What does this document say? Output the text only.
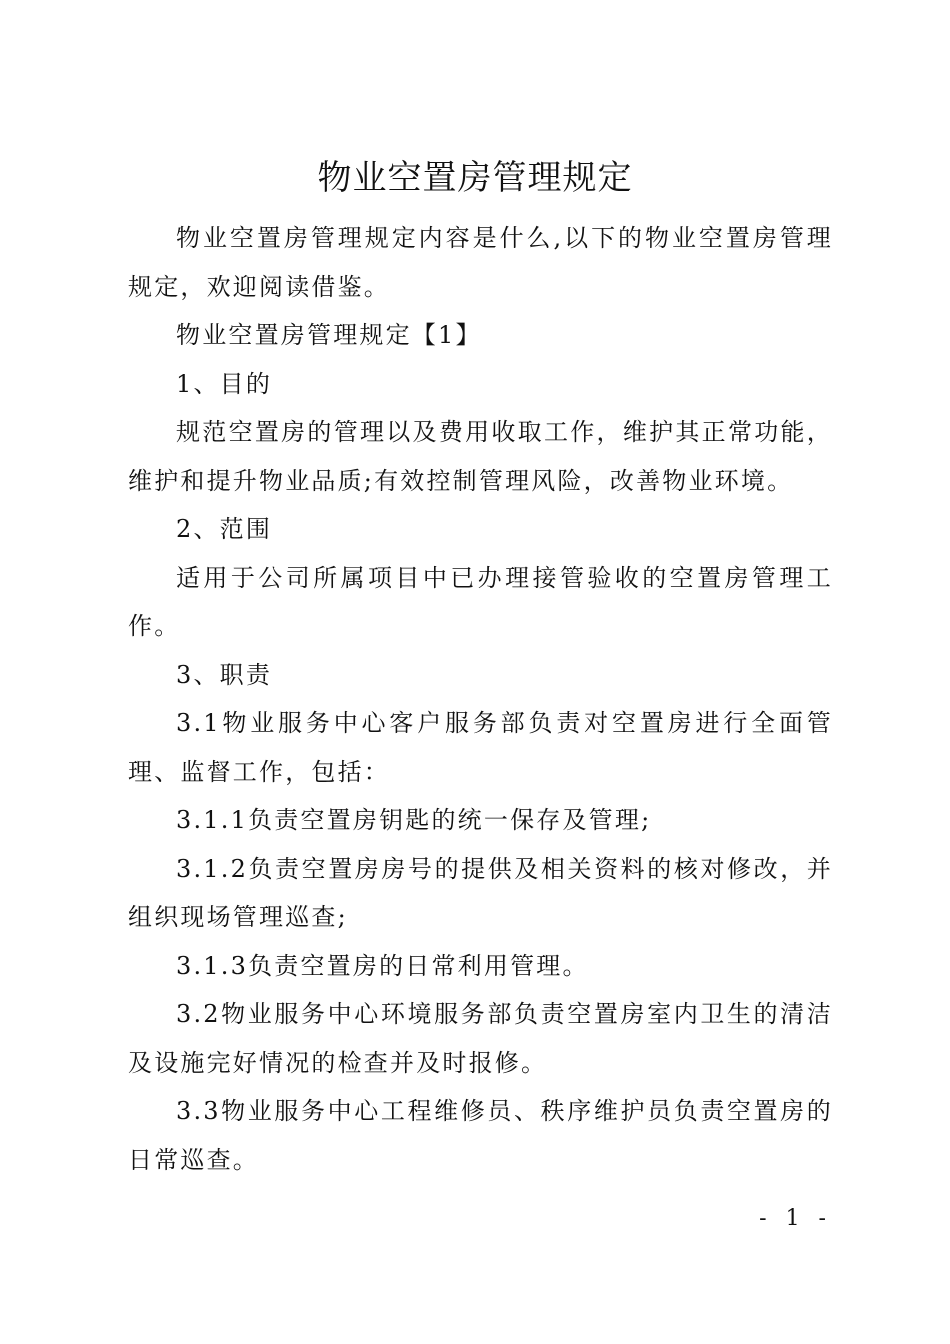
物业空置房管理规定

物业空置房管理规定内容是什么,以下的物业空置房管理规定，欢迎阅读借鉴。

物业空置房管理规定【1】

1、目的

规范空置房的管理以及费用收取工作，维护其正常功能，维护和提升物业品质;有效控制管理风险，改善物业环境。

2、范围

适用于公司所属项目中已办理接管验收的空置房管理工作。

3、职责

3.1物业服务中心客户服务部负责对空置房进行全面管理、监督工作，包括：

3.1.1负责空置房钥匙的统一保存及管理;

3.1.2负责空置房房号的提供及相关资料的核对修改，并组织现场管理巡查;

3.1.3负责空置房的日常利用管理。

3.2物业服务中心环境服务部负责空置房室内卫生的清洁及设施完好情况的检查并及时报修。

3.3物业服务中心工程维修员、秩序维护员负责空置房的日常巡查。

- 1 -
